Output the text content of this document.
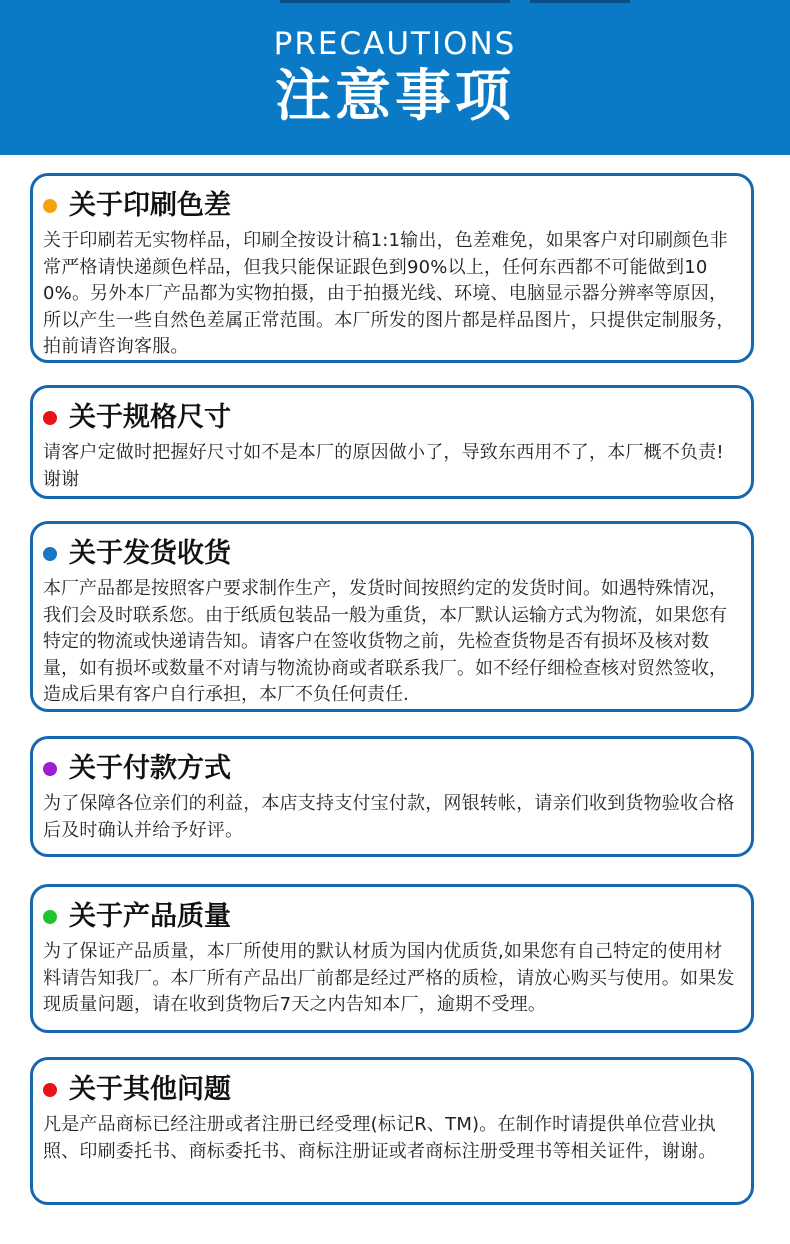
PRECAUTIONS
注意事项
关于印刷色差
关于印刷若无实物样品，印刷全按设计稿1:1输出，色差难免，如果客户对印刷颜色非常严格请快递颜色样品，但我只能保证跟色到90%以上，任何东西都不可能做到100%。另外本厂产品都为实物拍摄，由于拍摄光线、环境、电脑显示器分辨率等原因，所以产生一些自然色差属正常范围。本厂所发的图片都是样品图片，只提供定制服务，拍前请咨询客服。
关于规格尺寸
请客户定做时把握好尺寸如不是本厂的原因做小了，导致东西用不了，本厂概不负责!谢谢
关于发货收货
本厂产品都是按照客户要求制作生产，发货时间按照约定的发货时间。如遇特殊情况，我们会及时联系您。由于纸质包装品一般为重货，本厂默认运输方式为物流，如果您有特定的物流或快递请告知。请客户在签收货物之前，先检查货物是否有损坏及核对数量，如有损坏或数量不对请与物流协商或者联系我厂。如不经仔细检查核对贸然签收，造成后果有客户自行承担，本厂不负任何责任.
关于付款方式
为了保障各位亲们的利益，本店支持支付宝付款，网银转帐，请亲们收到货物验收合格后及时确认并给予好评。
关于产品质量
为了保证产品质量，本厂所使用的默认材质为国内优质货,如果您有自己特定的使用材料请告知我厂。本厂所有产品出厂前都是经过严格的质检，请放心购买与使用。如果发现质量问题，请在收到货物后7天之内告知本厂，逾期不受理。
关于其他问题
凡是产品商标已经注册或者注册已经受理(标记R、TM)。在制作时请提供单位营业执照、印刷委托书、商标委托书、商标注册证或者商标注册受理书等相关证件，谢谢。
